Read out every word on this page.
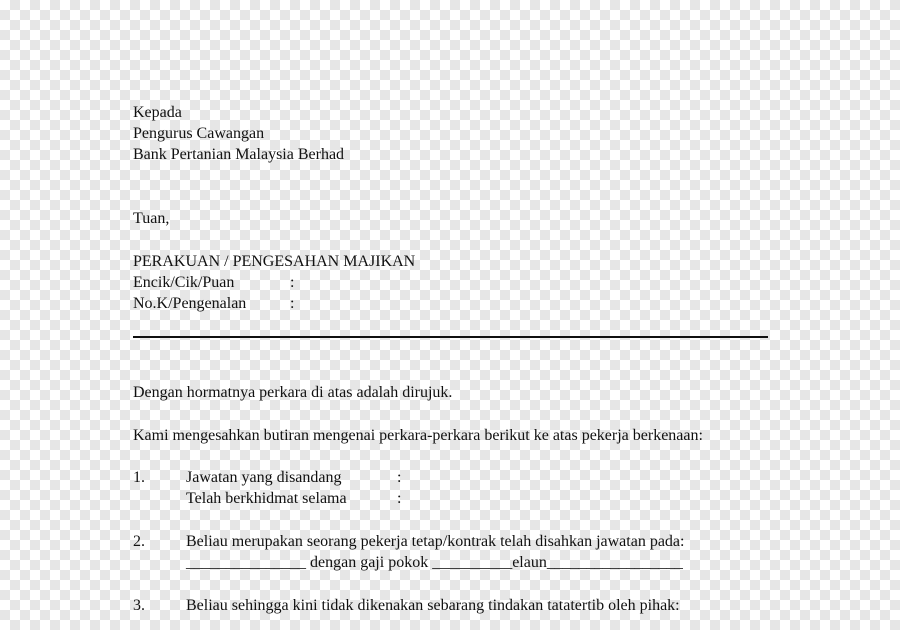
Kepada

Pengurus Cawangan

Bank Pertanian Malaysia Berhad

Tuan,

PERAKUAN / PENGESAHAN MAJIKAN

Encik/Cik/Puan	:

No.K/Pengenalan	:

Dengan hormatnya perkara di atas adalah dirujuk.

Kami mengesahkan butiran mengenai perkara-perkara berikut ke atas pekerja berkenaan:

1.	Jawatan yang disandang	:

Telah berkhidmat selama	:

2.	Beliau merupakan seorang pekerja tetap/kontrak telah disahkan jawatan pada:

_______________ dengan gaji pokok __________elaun_________________

3.	Beliau sehingga kini tidak dikenakan sebarang tindakan tatatertib oleh pihak:
